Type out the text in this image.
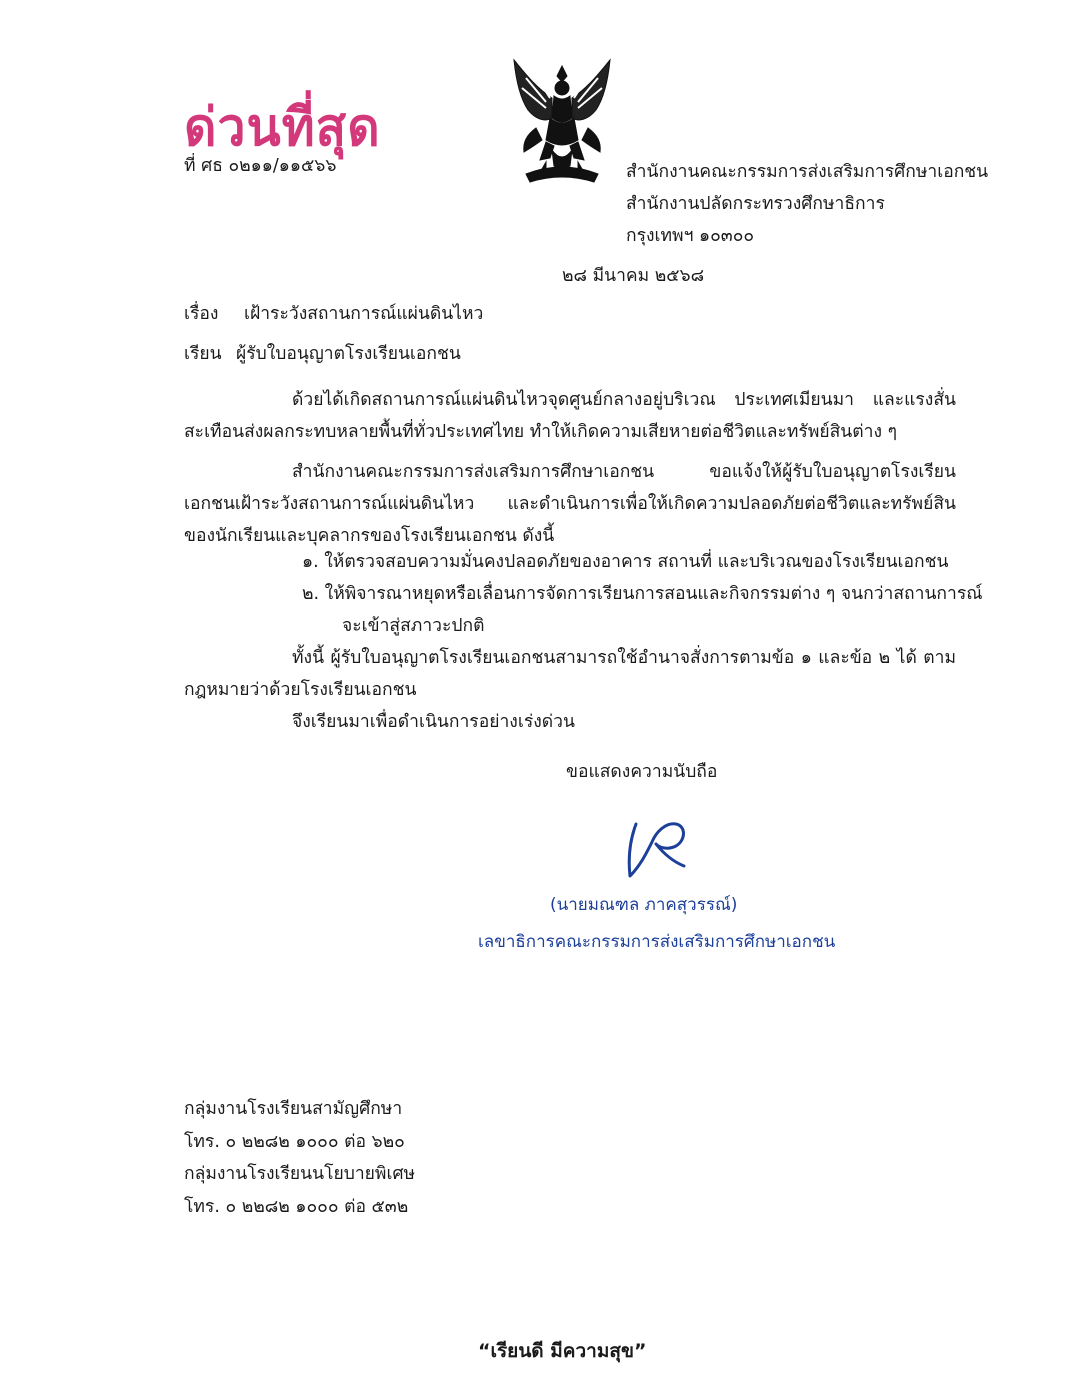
ด่วนที่สุด
ที่ ศธ ๐๒๑๑/๑๑๕๖๖	สำนักงานคณะกรรมการส่งเสริมการศึกษาเอกชน
สำนักงานปลัดกระทรวงศึกษาธิการ
กรุงเทพฯ ๑๐๓๐๐
๒๘ มีนาคม ๒๕๖๘
เรื่อง เฝ้าระวังสถานการณ์แผ่นดินไหว
เรียน ผู้รับใบอนุญาตโรงเรียนเอกชน
ด้วยได้เกิดสถานการณ์แผ่นดินไหวจุดศูนย์กลางอยู่บริเวณ ประเทศเมียนมา และแรงสั่นสะเทือนส่งผลกระทบหลายพื้นที่ทั่วประเทศไทย ทำให้เกิดความเสียหายต่อชีวิตและทรัพย์สินต่าง ๆ
สำนักงานคณะกรรมการส่งเสริมการศึกษาเอกชน ขอแจ้งให้ผู้รับใบอนุญาตโรงเรียนเอกชนเฝ้าระวังสถานการณ์แผ่นดินไหว และดำเนินการเพื่อให้เกิดความปลอดภัยต่อชีวิตและทรัพย์สินของนักเรียนและบุคลากรของโรงเรียนเอกชน ดังนี้
๑. ให้ตรวจสอบความมั่นคงปลอดภัยของอาคาร สถานที่ และบริเวณของโรงเรียนเอกชน
๒. ให้พิจารณาหยุดหรือเลื่อนการจัดการเรียนการสอนและกิจกรรมต่าง ๆ จนกว่าสถานการณ์จะเข้าสู่สภาวะปกติ
ทั้งนี้ ผู้รับใบอนุญาตโรงเรียนเอกชนสามารถใช้อำนาจสั่งการตามข้อ ๑ และข้อ ๒ ได้ ตามกฎหมายว่าด้วยโรงเรียนเอกชน
จึงเรียนมาเพื่อดำเนินการอย่างเร่งด่วน
ขอแสดงความนับถือ
(นายมณฑล ภาคสุวรรณ์)
เลขาธิการคณะกรรมการส่งเสริมการศึกษาเอกชน
กลุ่มงานโรงเรียนสามัญศึกษา
โทร. ๐ ๒๒๘๒ ๑๐๐๐ ต่อ ๖๒๐
กลุ่มงานโรงเรียนนโยบายพิเศษ
โทร. ๐ ๒๒๘๒ ๑๐๐๐ ต่อ ๕๓๒
“เรียนดี มีความสุข”
